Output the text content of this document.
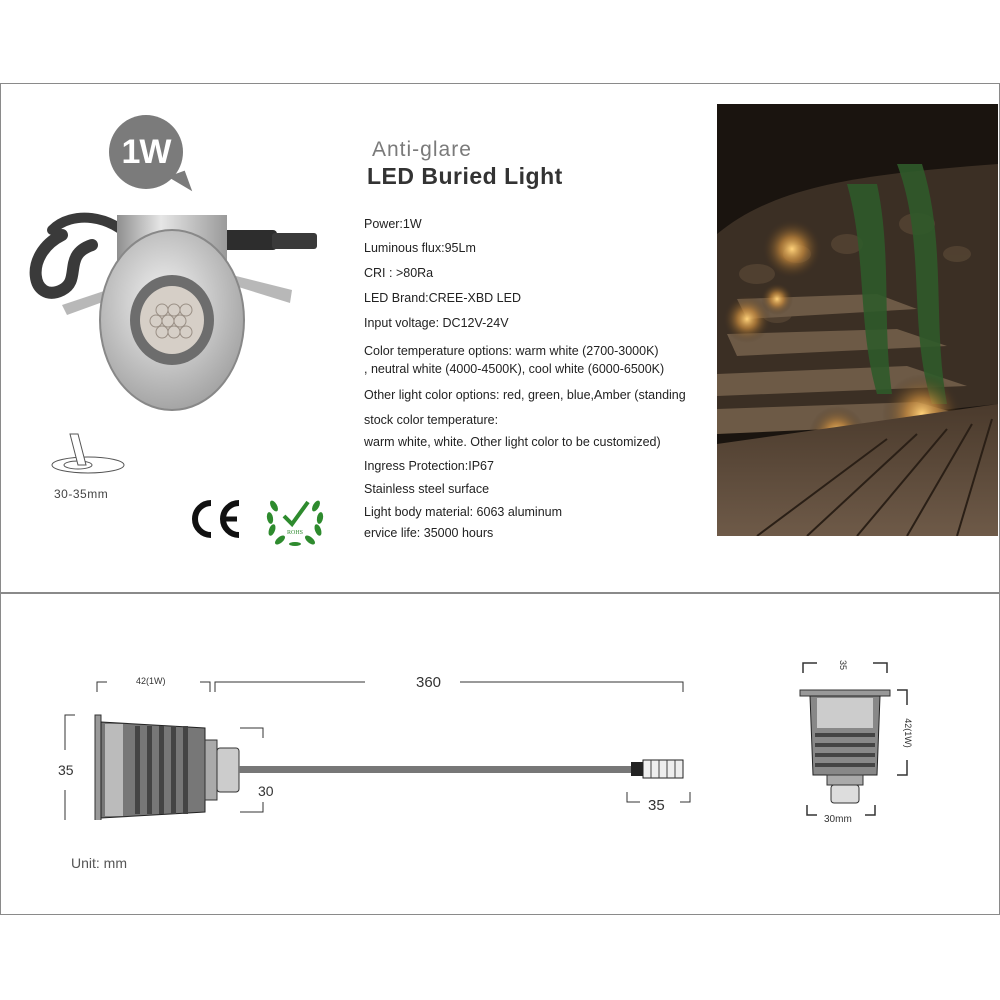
1W
30-35mm
ROHS
Anti-glare
LED Buried Light
Power:1W
Luminous flux:95Lm
CRI : >80Ra
LED Brand:CREE-XBD LED
Input voltage: DC12V-24V
Color temperature options: warm white (2700-3000K)
, neutral white (4000-4500K), cool white (6000-6500K)
Other light color options: red, green, blue,Amber (standing
stock color temperature:
warm white, white. Other light color to be customized)
Ingress Protection:IP67
Stainless steel surface
Light body material: 6063 aluminum
ervice life: 35000 hours
42(1W)	360
35
30
35
35
42(1W)
30mm
Unit: mm
